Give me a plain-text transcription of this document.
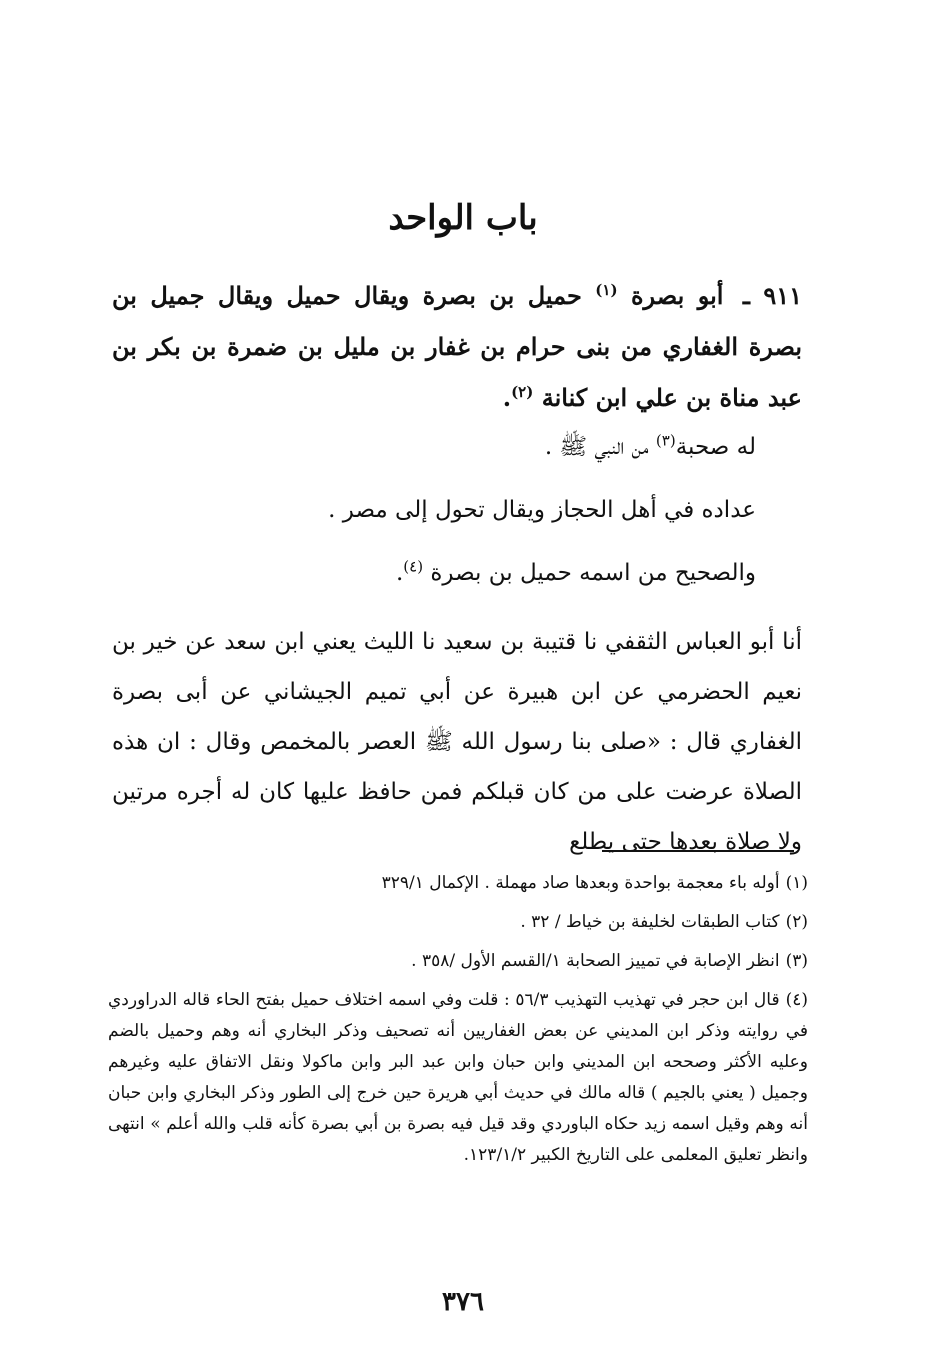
باب الواحد
٩١١ ـ أبو بصرة $^{(١)}$ حميل بن بصرة ويقال حميل ويقال جميل بن بصرة الغفاري من بنى حرام بن غفار بن مليل بن ضمرة بن بكر بن عبد مناة بن علي ابن كنانة $^{(٢)}$.
له صحبة$^{(٣)}$ من النبي ﷺ .
عداده في أهل الحجاز ويقال تحول إلى مصر .
والصحيح من اسمه حميل بن بصرة $^{(٤)}$.
أنا أبو العباس الثقفي نا قتيبة بن سعيد نا الليث يعني ابن سعد عن خير بن نعيم الحضرمي عن ابن هبيرة عن أبي تميم الجيشاني عن أبى بصرة الغفاري قال : «صلى بنا رسول الله ﷺ العصر بالمخمص وقال : ان هذه الصلاة عرضت على من كان قبلكم فمن حافظ عليها كان له أجره مرتين ولا صلاة بعدها حتى يطلع
(١)أوله باء معجمة بواحدة وبعدها صاد مهملة . الإكمال ٣٢٩/١
(٢)كتاب الطبقات لخليفة بن خياط / ٣٢ .
(٣)انظر الإصابة في تمييز الصحابة ١/القسم الأول /٣٥٨ .
(٤)قال ابن حجر في تهذيب التهذيب ٥٦/٣ : قلت وفي اسمه اختلاف حميل بفتح الحاء قاله الدراوردي في روايته وذكر ابن المديني عن بعض الغفاريين أنه تصحيف وذكر البخاري أنه وهم وحميل بالضم وعليه الأكثر وصححه ابن المديني وابن حبان وابن عبد البر وابن ماكولا ونقل الاتفاق عليه وغيرهم وجميل ( يعني بالجيم ) قاله مالك في حديث أبي هريرة حين خرج إلى الطور وذكر البخاري وابن حبان أنه وهم وقيل اسمه زيد حكاه الباوردي وقد قيل فيه بصرة بن أبي بصرة كأنه قلب والله أعلم » انتهى وانظر تعليق المعلمى على التاريخ الكبير ١٢٣/١/٢.
٣٧٦
